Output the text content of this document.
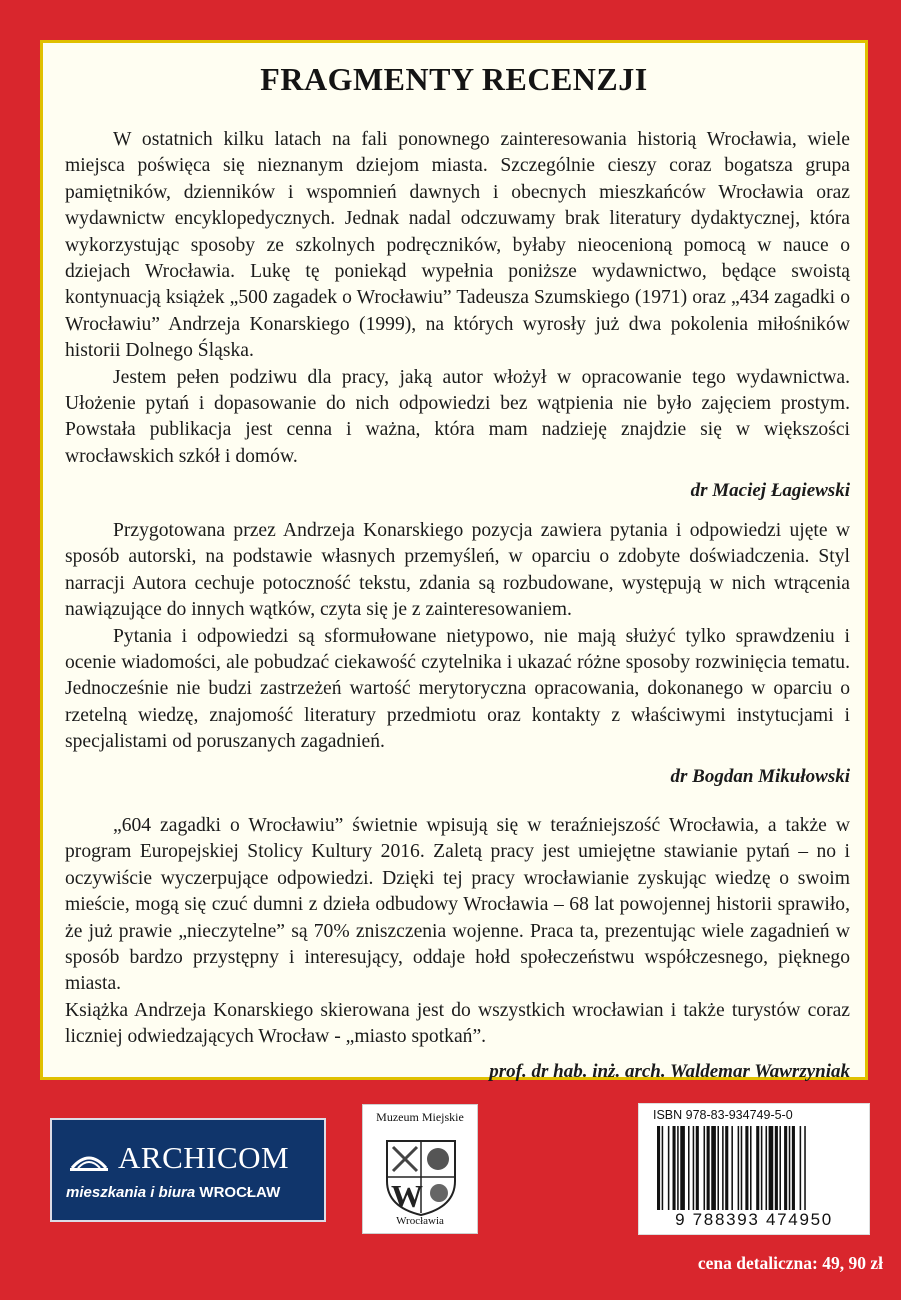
FRAGMENTY RECENZJI

W ostatnich kilku latach na fali ponownego zainteresowania historią Wrocławia, wiele miejsca poświęca się nieznanym dziejom miasta. Szczególnie cieszy coraz bogatsza grupa pamiętników, dzienników i wspomnień dawnych i obecnych mieszkańców Wrocławia oraz wydawnictw encyklopedycznych. Jednak nadal odczuwamy brak literatury dydaktycznej, która wykorzystując sposoby ze szkolnych podręczników, byłaby nieocenioną pomocą w nauce o dziejach Wrocławia. Lukę tę poniekąd wypełnia poniższe wydawnictwo, będące swoistą kontynuacją książek „500 zagadek o Wrocławiu” Tadeusza Szumskiego (1971) oraz „434 zagadki o Wrocławiu” Andrzeja Konarskiego (1999), na których wyrosły już dwa pokolenia miłośników historii Dolnego Śląska.

Jestem pełen podziwu dla pracy, jaką autor włożył w opracowanie tego wydawnictwa. Ułożenie pytań i dopasowanie do nich odpowiedzi bez wątpienia nie było zajęciem prostym. Powstała publikacja jest cenna i ważna, która mam nadzieję znajdzie się w większości wrocławskich szkół i domów.

dr Maciej Łagiewski

Przygotowana przez Andrzeja Konarskiego pozycja zawiera pytania i odpowiedzi ujęte w sposób autorski, na podstawie własnych przemyśleń, w oparciu o zdobyte doświadczenia. Styl narracji Autora cechuje potoczność tekstu, zdania są rozbudowane, występują w nich wtrącenia nawiązujące do innych wątków, czyta się je z zainteresowaniem.

Pytania i odpowiedzi są sformułowane nietypowo, nie mają służyć tylko sprawdzeniu i ocenie wiadomości, ale pobudzać ciekawość czytelnika i ukazać różne sposoby rozwinięcia tematu. Jednocześnie nie budzi zastrzeżeń wartość merytoryczna opracowania, dokonanego w oparciu o rzetelną wiedzę, znajomość literatury przedmiotu oraz kontakty z właściwymi instytucjami i specjalistami od poruszanych zagadnień.

dr Bogdan Mikułowski

„604 zagadki o Wrocławiu” świetnie wpisują się w teraźniejszość Wrocławia, a także w program Europejskiej Stolicy Kultury 2016. Zaletą pracy jest umiejętne stawianie pytań – no i oczywiście wyczerpujące odpowiedzi. Dzięki tej pracy wrocławianie zyskując wiedzę o swoim mieście, mogą się czuć dumni z dzieła odbudowy Wrocławia – 68 lat powojennej historii sprawiło, że już prawie „nieczytelne” są 70% zniszczenia wojenne. Praca ta, prezentując wiele zagadnień w sposób bardzo przystępny i interesujący, oddaje hołd społeczeństwu współczesnego, pięknego miasta.

Książka Andrzeja Konarskiego skierowana jest do wszystkich wrocławian i także turystów coraz liczniej odwiedzających Wrocław - „miasto spotkań”.

prof. dr hab. inż. arch. Waldemar Wawrzyniak
ARCHICOM
mieszkania i biura WROCŁAW
Muzeum Miejskie
W
Wrocławia
ISBN 978-83-934749-5-0
9 788393 474950
cena detaliczna: 49, 90 zł
